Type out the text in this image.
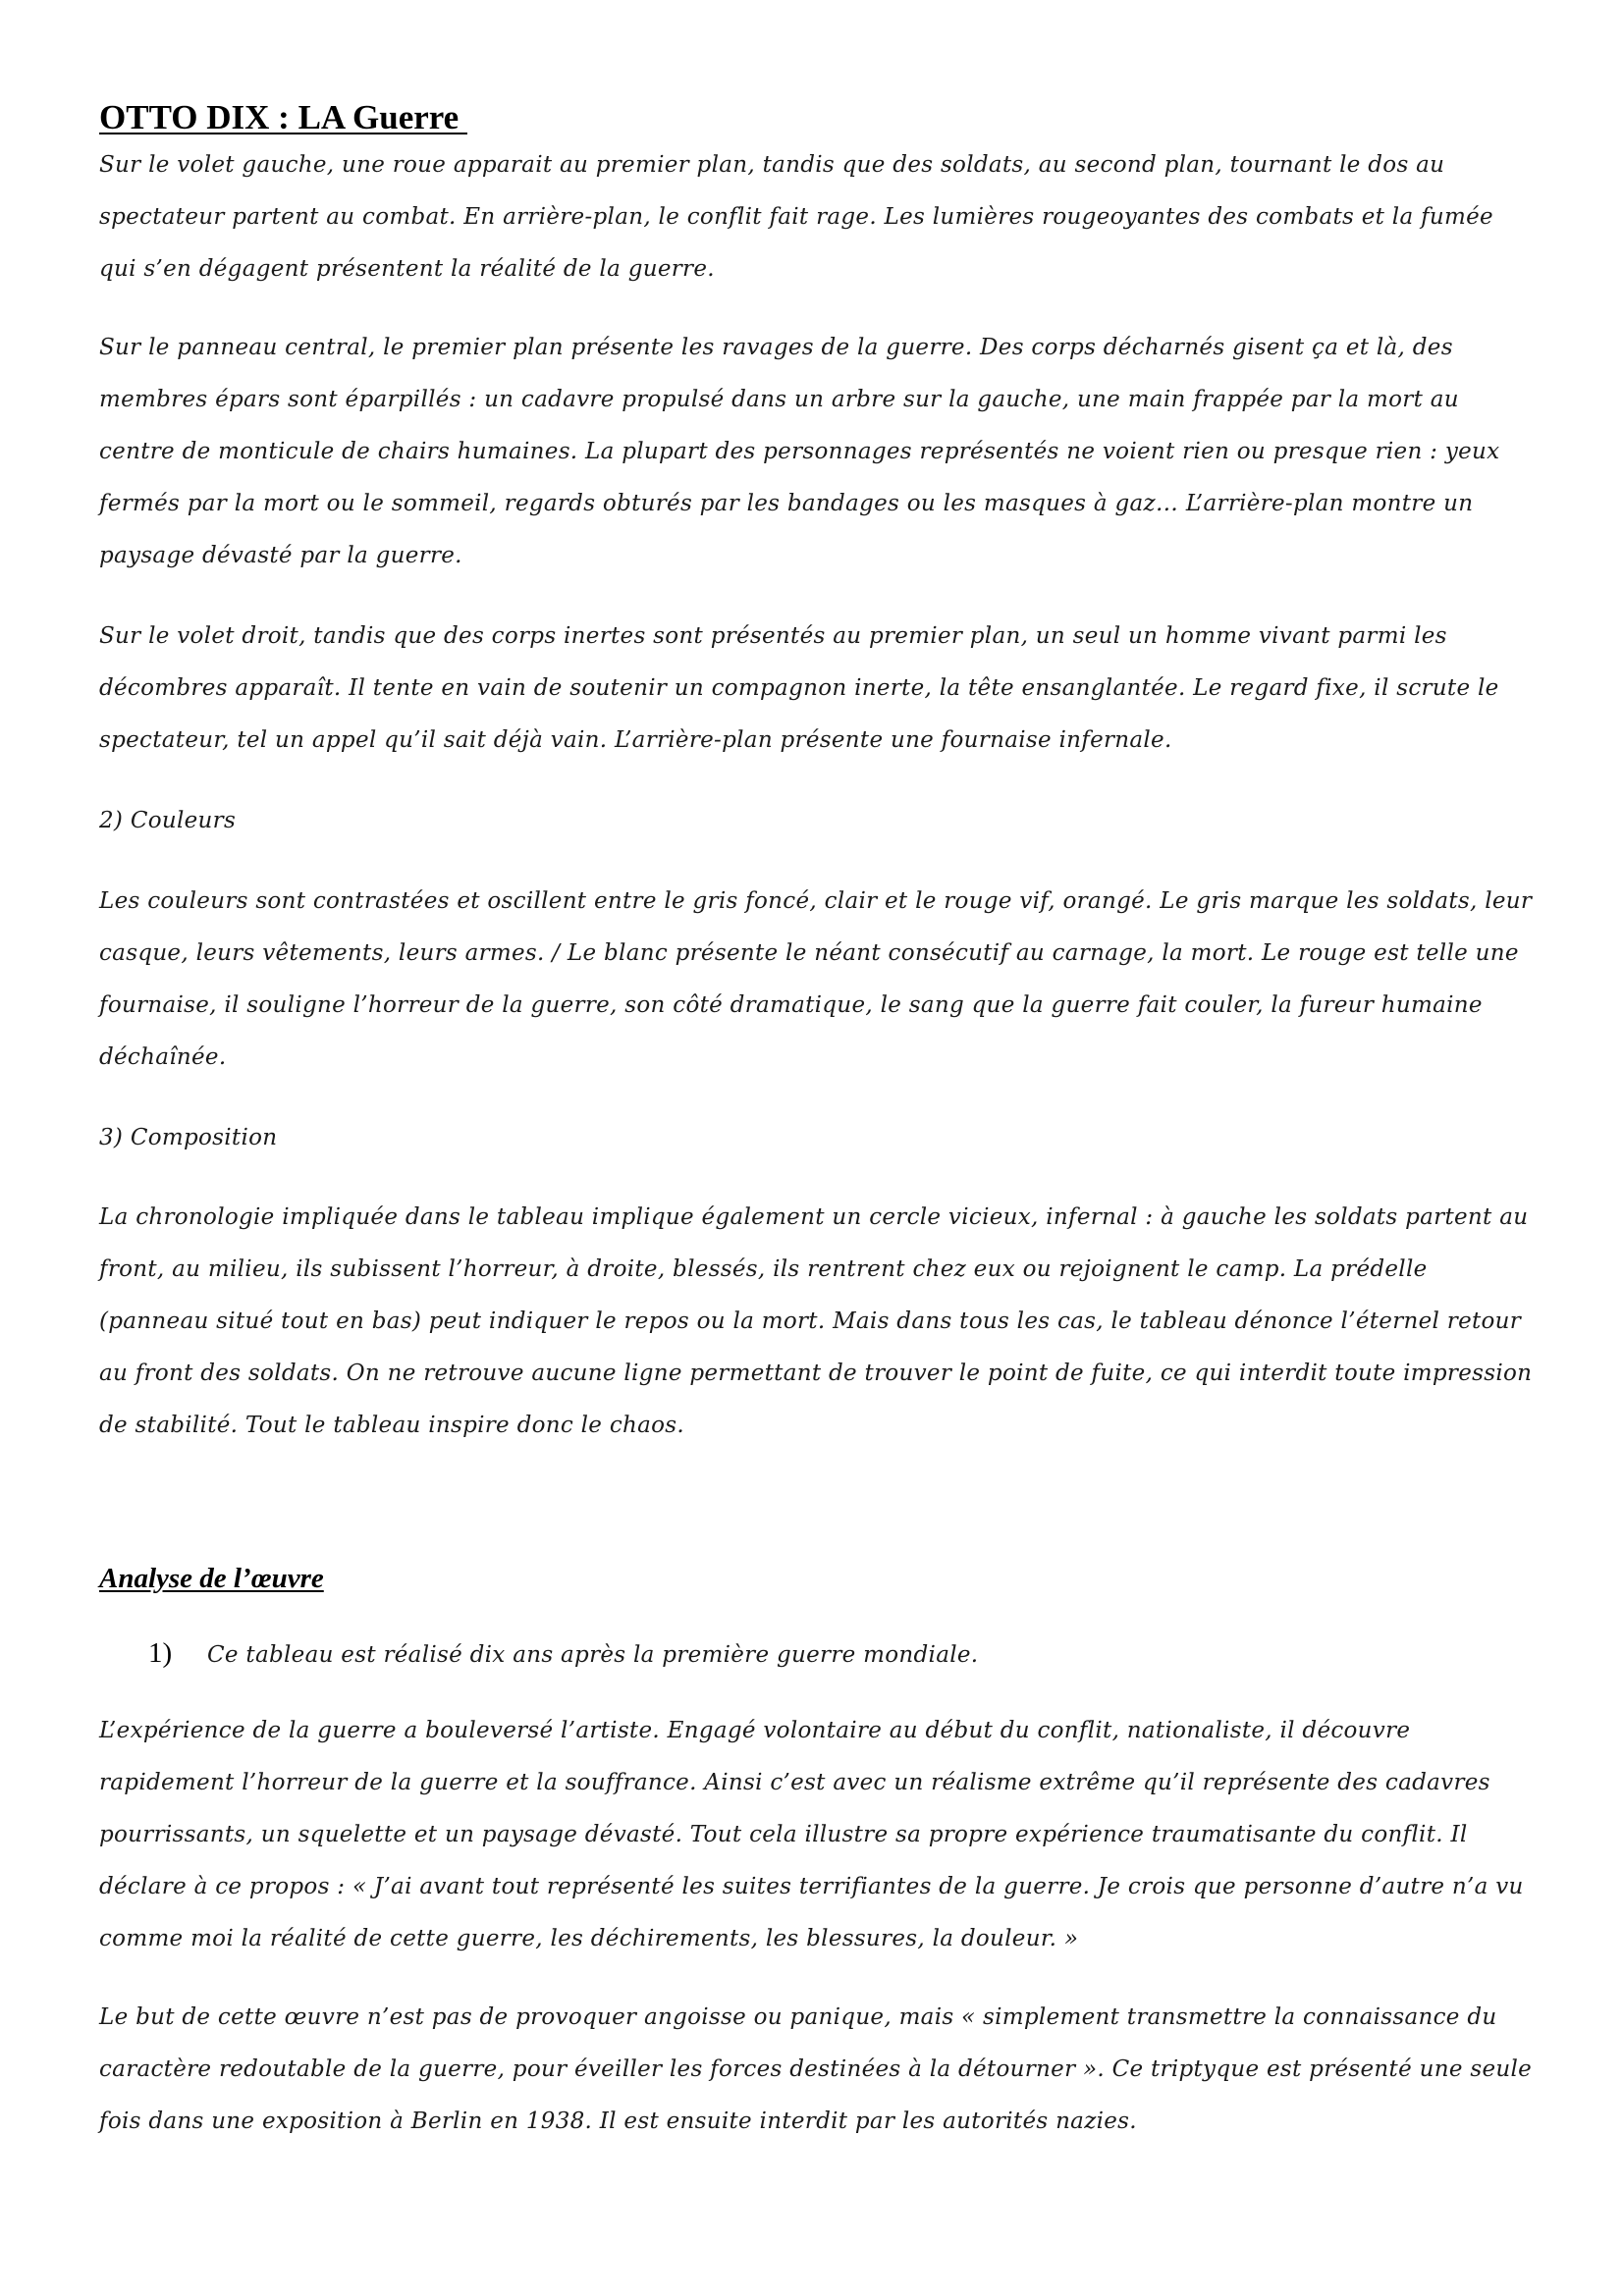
OTTO DIX : LA Guerre

Sur le volet gauche, une roue apparait au premier plan, tandis que des soldats, au second plan, tournant le dos au spectateur partent au combat. En arrière-plan, le conflit fait rage. Les lumières rougeoyantes des combats et la fumée qui s’en dégagent présentent la réalité de la guerre.

Sur le panneau central, le premier plan présente les ravages de la guerre. Des corps décharnés gisent ça et là, des membres épars sont éparpillés : un cadavre propulsé dans un arbre sur la gauche, une main frappée par la mort au centre de monticule de chairs humaines. La plupart des personnages représentés ne voient rien ou presque rien : yeux fermés par la mort ou le sommeil, regards obturés par les bandages ou les masques à gaz… L’arrière-plan montre un paysage dévasté par la guerre.

Sur le volet droit, tandis que des corps inertes sont présentés au premier plan, un seul un homme vivant parmi les décombres apparaît. Il tente en vain de soutenir un compagnon inerte, la tête ensanglantée. Le regard fixe, il scrute le spectateur, tel un appel qu’il sait déjà vain. L’arrière-plan présente une fournaise infernale.

2) Couleurs

Les couleurs sont contrastées et oscillent entre le gris foncé, clair et le rouge vif, orangé. Le gris marque les soldats, leur casque, leurs vêtements, leurs armes. / Le blanc présente le néant consécutif au carnage, la mort. Le rouge est telle une fournaise, il souligne l’horreur de la guerre, son côté dramatique, le sang que la guerre fait couler, la fureur humaine déchaînée.

3) Composition

La chronologie impliquée dans le tableau implique également un cercle vicieux, infernal : à gauche les soldats partent au front, au milieu, ils subissent l’horreur, à droite, blessés, ils rentrent chez eux ou rejoignent le camp. La prédelle (panneau situé tout en bas) peut indiquer le repos ou la mort. Mais dans tous les cas, le tableau dénonce l’éternel retour au front des soldats. On ne retrouve aucune ligne permettant de trouver le point de fuite, ce qui interdit toute impression de stabilité. Tout le tableau inspire donc le chaos.

Analyse de l’œuvre
1)	Ce tableau est réalisé dix ans après la première guerre mondiale.

L’expérience de la guerre a bouleversé l’artiste. Engagé volontaire au début du conflit, nationaliste, il découvre rapidement l’horreur de la guerre et la souffrance. Ainsi c’est avec un réalisme extrême qu’il représente des cadavres pourrissants, un squelette et un paysage dévasté. Tout cela illustre sa propre expérience traumatisante du conflit. Il déclare à ce propos : « J’ai avant tout représenté les suites terrifiantes de la guerre. Je crois que personne d’autre n’a vu comme moi la réalité de cette guerre, les déchirements, les blessures, la douleur. »

Le but de cette œuvre n’est pas de provoquer angoisse ou panique, mais « simplement transmettre la connaissance du caractère redoutable de la guerre, pour éveiller les forces destinées à la détourner ». Ce triptyque est présenté une seule fois dans une exposition à Berlin en 1938. Il est ensuite interdit par les autorités nazies.
